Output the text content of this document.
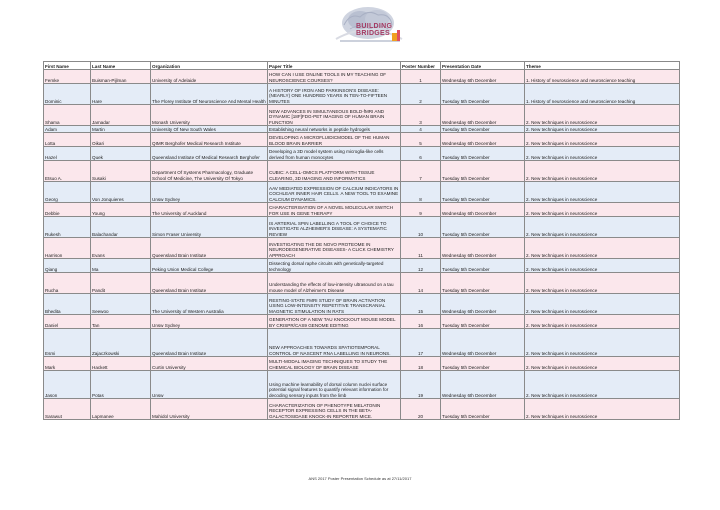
BUILDING
BRIDGES
First Name	Last Name	Organization	Paper Title	Poster Number	Presentation Date	Theme
Femke	Buisman-Pijlman	University of Adelaide	HOW CAN I USE ONLINE TOOLS IN MY TEACHING OF NEUROSCIENCE COURSES?	1	Wednesday 6th December	1. History of neuroscience and neuroscience teaching
Dominic	Hare	The Florey Institute Of Neuroscience And Mental Health	A HISTORY OF IRON AND PARKINSON'S DISEASE: (NEARLY) ONE HUNDRED YEARS IN TEN-TO-FIFTEEN MINUTES	2	Tuesday 5th December	1. History of neuroscience and neuroscience teaching
Shama	Jamadar	Monash University	NEW ADVANCES IN SIMULTANEOUS BOLD-fMRI AND DYNAMIC [18F]FDG-PET IMAGING OF HUMAN BRAIN FUNCTION	3	Wednesday 6th December	2. New techniques in neuroscience
Adam	Martin	University Of New South Wales	Establishing neural networks in peptide hydrogels	4	Tuesday 5th December	2. New techniques in neuroscience
Lotta	Oikari	QIMR Berghofer Medical Research Institute	DEVELOPING A MICROFLUIDICMODEL OF THE HUMAN BLOOD BRAIN BARRIER	5	Wednesday 6th December	2. New techniques in neuroscience
Hazel	Quek	Queensland Institute Of Medical Research Berghofer	Developing a 3D model system using microglia-like cells derived from human monocytes	6	Tuesday 5th December	2. New techniques in neuroscience
Etsuo A.	Susaki	Department Of Systems Pharmacology, Graduate School Of Medicine, The University Of Tokyo	CUBIC: A CELL-OMICS PLATFORM WITH TISSUE CLEARING, 3D IMAGING AND INFORMATICS	7	Tuesday 5th December	2. New techniques in neuroscience
Georg	Von Jonquieres	Unsw Sydney	AAV MEDIATED EXPRESSION OF CALCIUM INDICATORS IN COCHLEAR INNER HAIR CELLS. A NEW TOOL TO EXAMINE CALCIUM DYNAMICS.	8	Tuesday 5th December	2. New techniques in neuroscience
Debbie	Young	The University of Auckland	CHARACTERISATION OF A NOVEL MOLECULAR SWITCH FOR USE IN GENE THERAPY	9	Wednesday 6th December	2. New techniques in neuroscience
Rukesh	Balachandar	Simon Fraser University	IS ARTERIAL SPIN LABELLING A TOOL OF CHOICE TO INVESTIGATE ALZHEIMER'S DISEASE: A SYSTEMATIC REVIEW	10	Tuesday 5th December	2. New techniques in neuroscience
Harrison	Evans	Queensland Brain Institute	INVESTIGATING THE DE NOVO PROTEOME IN NEURODEGENERATIVE DISEASES- A CLICK CHEMISTRY APPROACH	11	Wednesday 6th December	2. New techniques in neuroscience
Qiang	Ma	Peking Union Medical College	Dissecting dorsal raphe circuits with genetically-targeted technology	12	Tuesday 5th December	2. New techniques in neuroscience
Rucha	Pandit	Queensland Brain Institute	Understanding the effects of low-intensity ultrasound on a tau mouse model of Alzheimer's Disease	14	Tuesday 5th December	2. New techniques in neuroscience
Bhedita	Seewoo	The University of Western Australia	RESTING-STATE FMRI STUDY OF BRAIN ACTIVATION USING LOW-INTENSITY REPETITIVE TRANSCRANIAL MAGNETIC STIMULATION IN RATS	15	Wednesday 6th December	2. New techniques in neuroscience
Daniel	Tan	Unsw Sydney	GENERATION OF A NEW TAU KNOCKOUT MOUSE MODEL BY CRISPR/CAS9 GENOME EDITING	16	Tuesday 5th December	2. New techniques in neuroscience
Esmi	Zajaczkowski	Queensland Brain Institute	NEW APPROACHES TOWARDS SPATIOTEMPORAL CONTROL OF NASCENT RNA LABELLING IN NEURONS.	17	Wednesday 6th December	2. New techniques in neuroscience
Mark	Hackett	Curtin University	MULTI-MODAL IMAGING TECHNIQUES TO STUDY THE CHEMICAL BIOLOGY OF BRAIN DISEASE	18	Tuesday 5th December	2. New techniques in neuroscience
Jason	Potas	Unsw	Using machine learnability of dorsal column nuclei surface potential signal features to quantify relevant information for decoding sensory inputs from the limb	19	Wednesday 6th December	2. New techniques in neuroscience
Sarawut	Lapmanee	Mahidol University	CHARACTERIZATION OF PHENOTYPE MELATONIN RECEPTOR EXPRESSING CELLS IN THE BETA-GALACTOSIDASE KNOCK-IN REPORTER MICE.	20	Tuesday 5th December	2. New techniques in neuroscience
ANS 2017 Poster Presentation Schedule as at 27/11/2017
